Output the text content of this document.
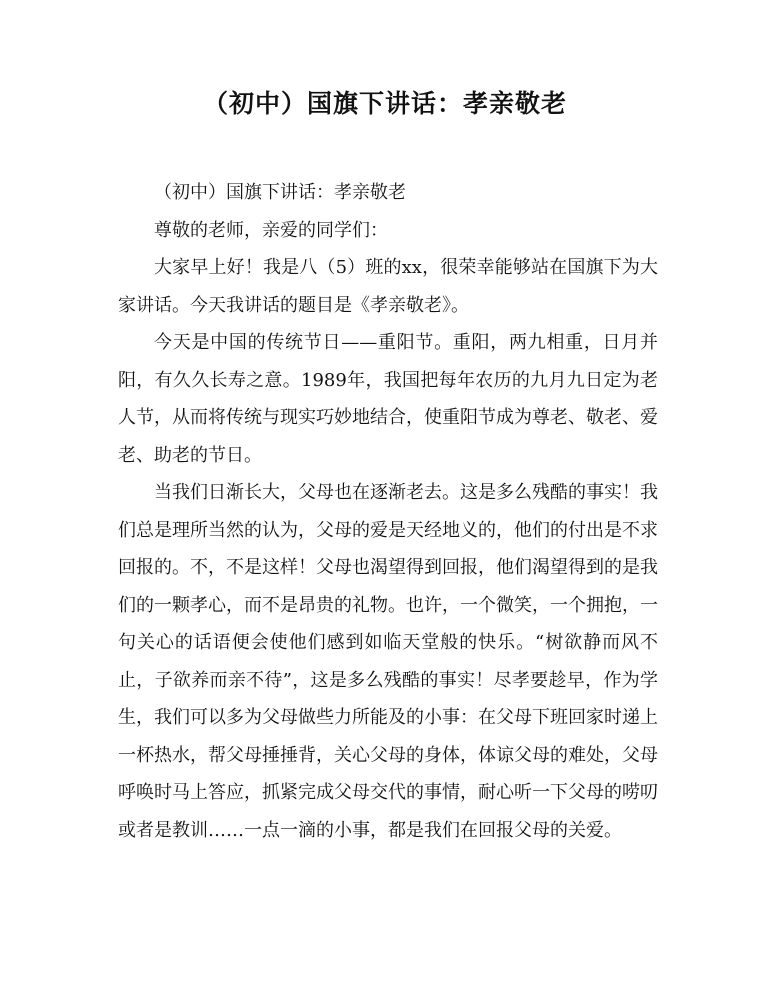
（初中）国旗下讲话：孝亲敬老

（初中）国旗下讲话：孝亲敬老

尊敬的老师，亲爱的同学们：

大家早上好！我是八（5）班的xx，很荣幸能够站在国旗下为大家讲话。今天我讲话的题目是《孝亲敬老》。

今天是中国的传统节日——重阳节。重阳，两九相重，日月并阳，有久久长寿之意。1989年，我国把每年农历的九月九日定为老人节，从而将传统与现实巧妙地结合，使重阳节成为尊老、敬老、爱老、助老的节日。

当我们日渐长大，父母也在逐渐老去。这是多么残酷的事实！我们总是理所当然的认为，父母的爱是天经地义的，他们的付出是不求回报的。不，不是这样！父母也渴望得到回报，他们渴望得到的是我们的一颗孝心，而不是昂贵的礼物。也许，一个微笑，一个拥抱，一句关心的话语便会使他们感到如临天堂般的快乐。“树欲静而风不止，子欲养而亲不待”，这是多么残酷的事实！尽孝要趁早，作为学生，我们可以多为父母做些力所能及的小事：在父母下班回家时递上一杯热水，帮父母捶捶背，关心父母的身体，体谅父母的难处，父母呼唤时马上答应，抓紧完成父母交代的事情，耐心听一下父母的唠叨或者是教训……一点一滴的小事，都是我们在回报父母的关爱。
